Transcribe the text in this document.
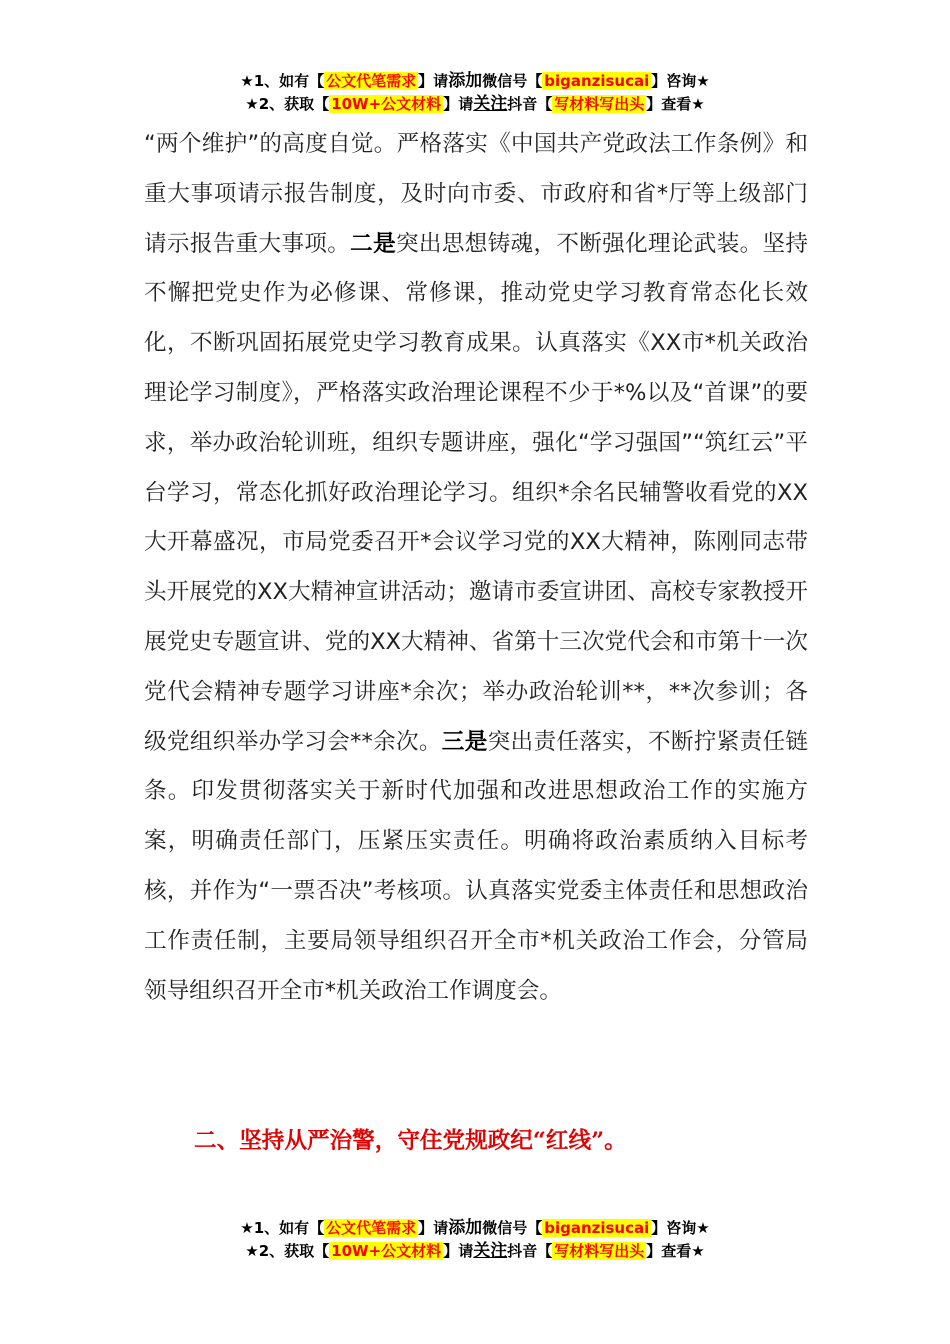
★1、如有【 公文代笔需求 】请添加微信号【 biganzisucai 】咨询★
★2、获取【 10W+公文材料 】请关注抖音【 写材料写出头 】查看★

“两个维护”的高度自觉。严格落实《中国共产党政法工作条例》和重大事项请示报告制度，及时向市委、市政府和省*厅等上级部门请示报告重大事项。二是突出思想铸魂，不断强化理论武装。坚持不懈把党史作为必修课、常修课，推动党史学习教育常态化长效化，不断巩固拓展党史学习教育成果。认真落实《XX市*机关政治理论学习制度》，严格落实政治理论课程不少于*%以及“首课”的要求，举办政治轮训班，组织专题讲座，强化“学习强国”“筑红云”平台学习，常态化抓好政治理论学习。组织*余名民辅警收看党的XX大开幕盛况，市局党委召开*会议学习党的XX大精神，陈刚同志带头开展党的XX大精神宣讲活动；邀请市委宣讲团、高校专家教授开展党史专题宣讲、党的XX大精神、省第十三次党代会和市第十一次党代会精神专题学习讲座*余次；举办政治轮训**，**次参训；各级党组织举办学习会**余次。三是突出责任落实，不断拧紧责任链条。印发贯彻落实关于新时代加强和改进思想政治工作的实施方案，明确责任部门，压紧压实责任。明确将政治素质纳入目标考核，并作为“一票否决”考核项。认真落实党委主体责任和思想政治工作责任制，主要局领导组织召开全市*机关政治工作会，分管局领导组织召开全市*机关政治工作调度会。

二、坚持从严治警，守住党规政纪“红线”。

★1、如有【 公文代笔需求 】请添加微信号【 biganzisucai 】咨询★
★2、获取【 10W+公文材料 】请关注抖音【 写材料写出头 】查看★
